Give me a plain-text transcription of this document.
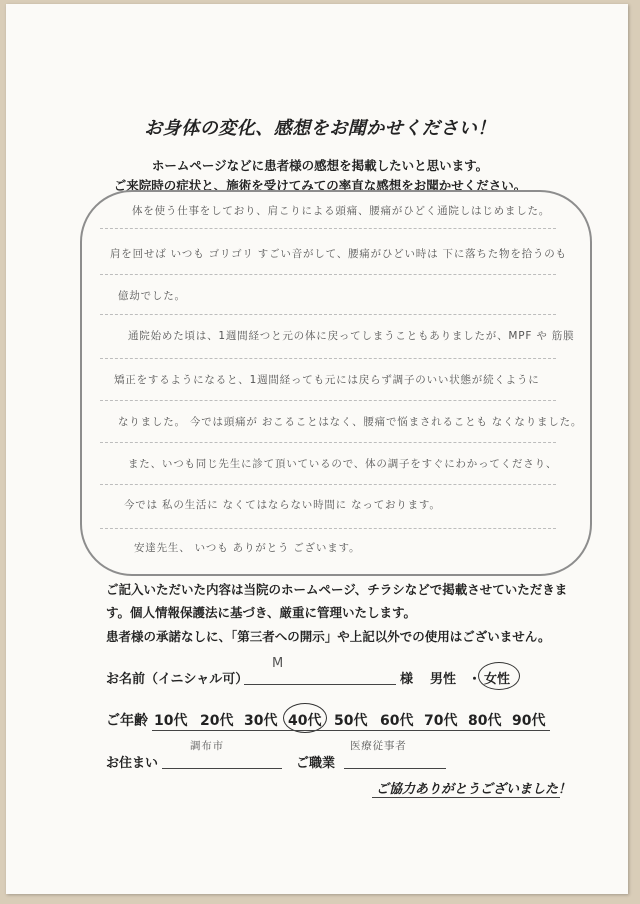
お身体の変化、感想をお聞かせください！
ホームページなどに患者様の感想を掲載したいと思います。
ご来院時の症状と、施術を受けてみての率直な感想をお聞かせください。
体を使う仕事をしており、肩こりによる頭痛、腰痛がひどく通院しはじめました。
肩を回せば いつも ゴリゴリ すごい音がして、腰痛がひどい時は 下に落ちた物を拾うのも
億劫でした。
通院始めた頃は、1週間経つと元の体に戻ってしまうこともありましたが、MPF や 筋膜
矯正をするようになると、1週間経っても元には戻らず調子のいい状態が続くように
なりました。 今では頭痛が おこることはなく、腰痛で悩まされることも なくなりました。
また、いつも同じ先生に診て頂いているので、体の調子をすぐにわかってくださり、
今では 私の生活に なくてはならない時間に なっております。
安達先生、 いつも ありがとう ございます。
ご記入いただいた内容は当院のホームページ、チラシなどで掲載させていただきま
す。個人情報保護法に基づき、厳重に管理いたします。
患者様の承諾なしに、「第三者への開示」や上記以外での使用はございません。
お名前（イニシャル可）
M
様 男性 ・ 女性
ご年齢 10代 20代 30代 40代 50代 60代 70代 80代 90代
お住まい
調布市
ご職業
医療従事者
ご協力ありがとうございました！
